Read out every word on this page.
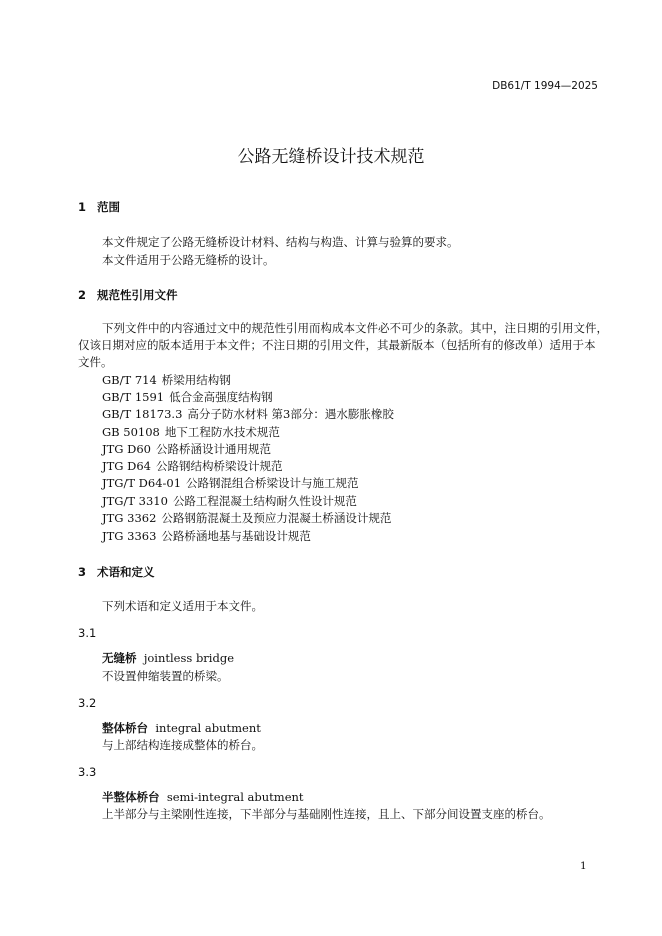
DB61/T 1994—2025
公路无缝桥设计技术规范
1 范围
本文件规定了公路无缝桥设计材料、结构与构造、计算与验算的要求。
本文件适用于公路无缝桥的设计。
2 规范性引用文件
下列文件中的内容通过文中的规范性引用而构成本文件必不可少的条款。其中，注日期的引用文件，
仅该日期对应的版本适用于本文件；不注日期的引用文件，其最新版本（包括所有的修改单）适用于本
文件。
GB/T 714 桥梁用结构钢
GB/T 1591 低合金高强度结构钢
GB/T 18173.3 高分子防水材料 第3部分：遇水膨胀橡胶
GB 50108 地下工程防水技术规范
JTG D60 公路桥涵设计通用规范
JTG D64 公路钢结构桥梁设计规范
JTG/T D64-01 公路钢混组合桥梁设计与施工规范
JTG/T 3310 公路工程混凝土结构耐久性设计规范
JTG 3362 公路钢筋混凝土及预应力混凝土桥涵设计规范
JTG 3363 公路桥涵地基与基础设计规范
3 术语和定义
下列术语和定义适用于本文件。
3.1
无缝桥 jointless bridge
不设置伸缩装置的桥梁。
3.2
整体桥台 integral abutment
与上部结构连接成整体的桥台。
3.3
半整体桥台 semi-integral abutment
上半部分与主梁刚性连接，下半部分与基础刚性连接，且上、下部分间设置支座的桥台。
1
